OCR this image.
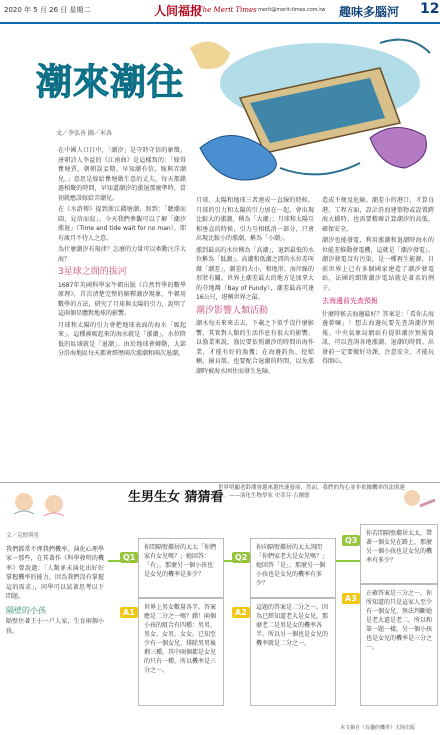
2020 年 5 月 26 日 星期二	人间福报
The Merit Times merit@merit-times.com.tw 趣味多腦河 12
潮來潮往
文／李弘善 圖／米各

在中國人口目中，「潮汐」是守時守信的象徵。唐朝詩人李益的《江南曲》是這樣寫的：「嫁得瞿塘賈，朝朝誤妾期。早知潮有信，嫁與弄潮兒。」意思是嫁給瞿塘做生意的丈夫，每天都錯過相聚的時間，早知道潮汐的漲退那麼準時，當初就應該嫁給弄潮兒。

在《水滸傳》提到浙江錢塘潮，寫到：「聽潮而圓，見信而寂」。今天我們參觀可以了解「潮汐漲退」（Time and tide wait for no man），即有歲月不待人之意。

為什麼潮汐有規律？怎麼的力量可以牽動汪洋大海？

3星球之間的拔河

1687年英國科學家牛頓出版《自然哲學的數學原理》，首次清楚完整的解釋潮汐現象。牛頓用數學的方法，研究了月球與太陽的引力，說明了這兩個星體對地球的影響。

月球和太陽的引力會把地球表面的海水「吸起來」，這種被吸起來的海水就是「漲潮」，水位降低的區域就是「退潮」。由於地球會轉動，大部分沿海地區每天都會經歷兩次漲潮和兩次退潮。

月球、太陽和地球三者連成一直線的時候，月球的引力和太陽的引力加在一起，會出現比較大的漲潮，稱為「大潮」；月球和太陽互相垂直的時候，引力互相抵消一部分，只會出現比較小的漲潮，稱為「小潮」。

漲到最高的水位稱為「高潮」，退到最低的水位稱為「低潮」。高潮和低潮之間的水位差叫做「潮差」，潮差的大小，和地形、海岸線的形狀有關。世界上潮差最大的地方是加拿大的芬地灣（Bay of Fundy），潮差最高可達16公尺，堪稱世界之最。

潮汐影響人類活動

潮水每天來來去去，下載之下似乎沒什麼影響，其實對人類的生活作息有很大的影響。以漁業來說，漁民要依照潮汐的時間出海作業，才能有好的漁獲；在海邊釣魚、挖蛤蜊、撿貝殼，也要配合退潮的時間，以免漲潮時被海水困住而發生危險。

造成不便及危險。潮差小的港口，才算良港。工程方面，設計沿海建築物或設置跨海大橋時，也需要精確計算潮汐的高低，確保安全。

潮汐也能發電，利用漲潮和退潮時海水的位能差推動發電機，這就是「潮汐發電」。潮汐發電沒有污染，是一種再生能源，目前世界上已有多個國家建造了潮汐發電站，法國的朗斯潮汐電站就是著名的例子。

去海邊前先查預報

什麼時候去海邊最好？答案是：「看你去海邊幹嘛」！想去海邊玩要先查詢潮汐預報。中央氣象局網站有提供潮汐預報資訊，可以查詢各地漲潮、退潮的時間。出發前一定要做好功課，注意安全，才能玩得開心。

生男生女 猜猜看
世界明顯老龄潮會越來越快速發展，然而，我們的均心並非依據機率的法則運作。——演化生物學家 史蒂芬·古爾德
文／克野與男

我們都常不理我們機率。演化心理學家一那些，在其著作《科學發明的機率》曾說過：「人類並未演化出好好掌握機率的能力，因為我們沒有掌握這的需求」，同學可以試著思考以下問題。

隔壁的小孩

隔壁住著王小一户人家，生育兩個小孩。

Q1
你問隔壁鄰居的太太「你們家有女兒嗎？」她回答：「有」。那麼另一個小孩也是女兒的機率是多少？
A1
世界上男女數量各半，答案應是二分之一嗎？錯！兩個小孩的組合有四種：男男、男女、女男、女女。已知至少有一個女兒，排除男男後剩三種，其中兩個都是女兒的只有一種，所以機率是三分之一。
Q2
你向隔壁鄰居的太太詢問「你們家老大是女兒嗎？」她回答「是」，那麼另一個小孩也是女兒的機率有多少？
A2
這題的答案是二分之一。因為已經知道老大是女兒，那麼老二是男是女的機率各半，所以另一個也是女兒的機率就是二分之一。
Q3
你若問隔壁鄰居太太，帶著一個女兒在路上，那麼另一個小孩也是女兒的機率有多少？
A3
正確答案是三分之一。你所知道的只是這家人至少有一個女兒，無法判斷她是老大還是老二，所以和第一題一樣，另一個小孩也是女兒的機率是三分之一。
本文摘自《有趣的機率》大陸出版
